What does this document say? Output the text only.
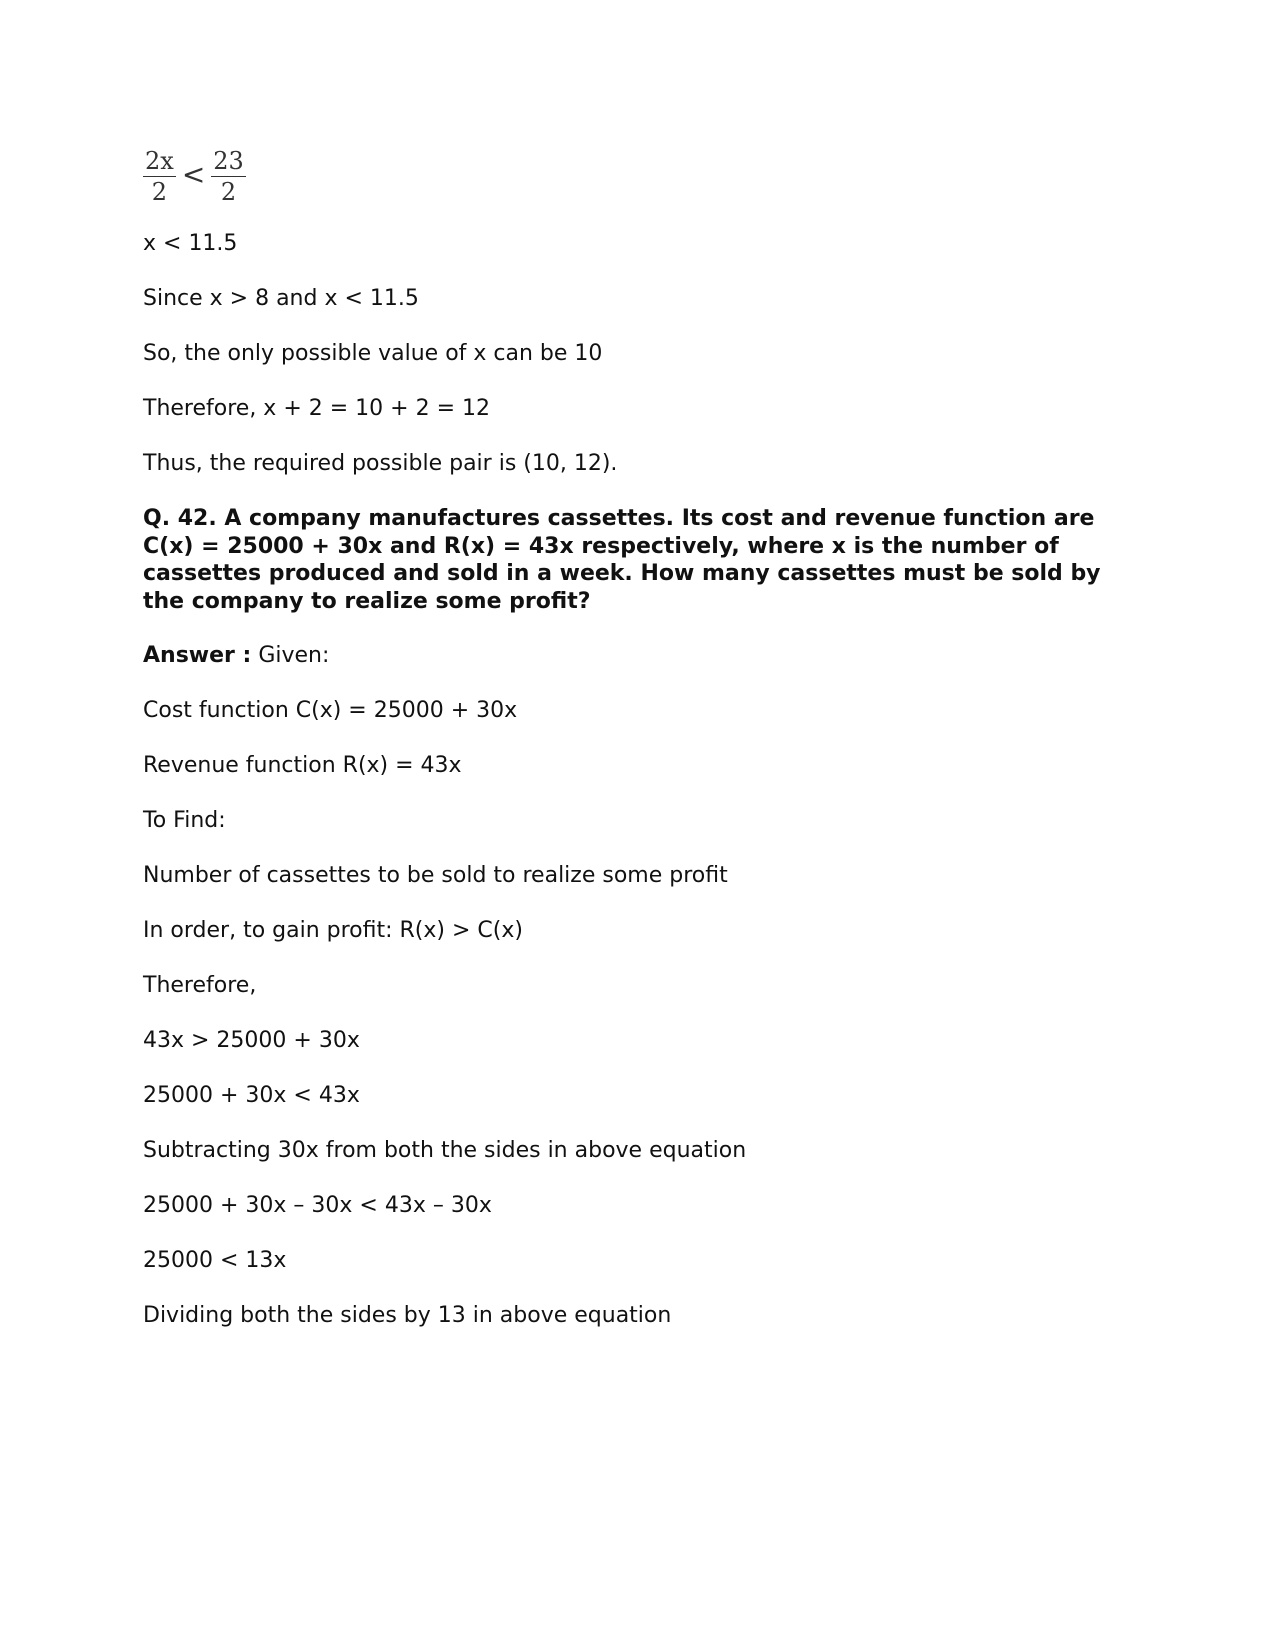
$\frac{2x}{2} < \frac{23}{2}$
x < 11.5
Since x > 8 and x < 11.5
So, the only possible value of x can be 10
Therefore, x + 2 = 10 + 2 = 12
Thus, the required possible pair is (10, 12).
Q. 42. A company manufactures cassettes. Its cost and revenue function are C(x) = 25000 + 30x and R(x) = 43x respectively, where x is the number of cassettes produced and sold in a week. How many cassettes must be sold by the company to realize some profit?
Answer : Given:
Cost function C(x) = 25000 + 30x
Revenue function R(x) = 43x
To Find:
Number of cassettes to be sold to realize some profit
In order, to gain profit: R(x) > C(x)
Therefore,
43x > 25000 + 30x
25000 + 30x < 43x
Subtracting 30x from both the sides in above equation
25000 + 30x – 30x < 43x – 30x
25000 < 13x
Dividing both the sides by 13 in above equation
